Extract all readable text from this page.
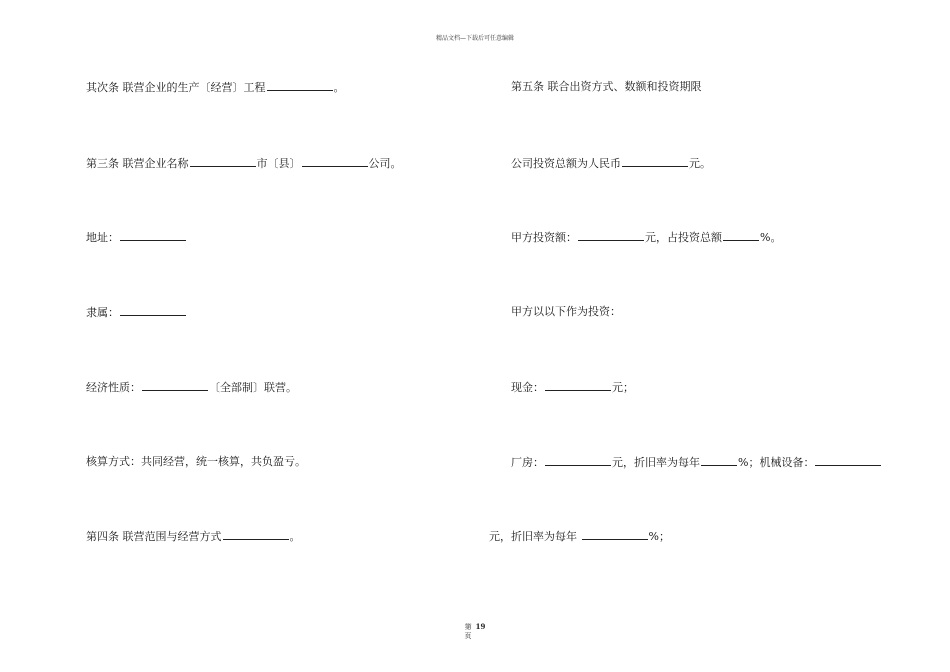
精品文档—下载后可任意编辑
其次条 联营企业的生产〔经营〕工程	。
第三条 联营企业名称	市〔县〕	公司。
地址：
隶属：
经济性质：	〔全部制〕联营。
核算方式：共同经营，统一核算，共负盈亏。
第四条 联营范围与经营方式	。
第五条 联合出资方式、数额和投资期限
公司投资总额为人民币	元。
甲方投资额：	元，占投资总额	%。
甲方以以下作为投资：
现金：	元；
厂房：	元，折旧率为每年	%；机械设备：
元，折旧率为每年	%；
第 19
页
